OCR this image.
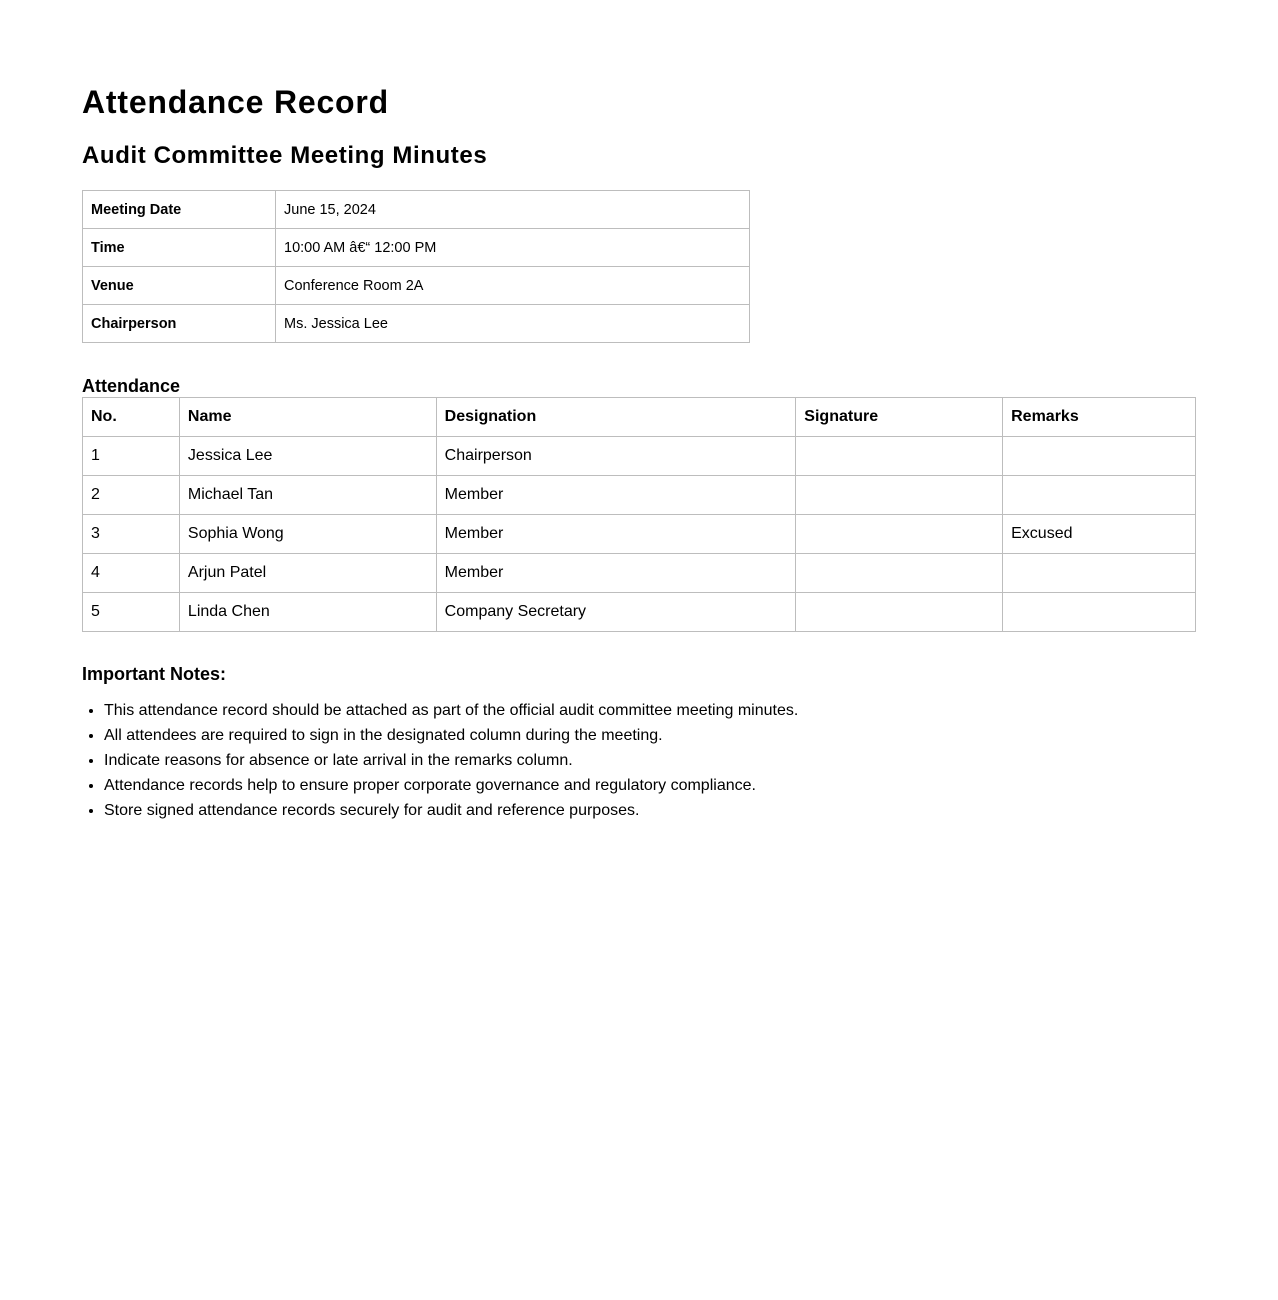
Attendance Record
Audit Committee Meeting Minutes
Meeting Date	June 15, 2024
Time	10:00 AM â€“ 12:00 PM
Venue	Conference Room 2A
Chairperson	Ms. Jessica Lee
Attendance
No.	Name	Designation	Signature	Remarks
1	Jessica Lee	Chairperson		
2	Michael Tan	Member		
3	Sophia Wong	Member		Excused
4	Arjun Patel	Member		
5	Linda Chen	Company Secretary		
Important Notes:
• This attendance record should be attached as part of the official audit committee meeting minutes.
• All attendees are required to sign in the designated column during the meeting.
• Indicate reasons for absence or late arrival in the remarks column.
• Attendance records help to ensure proper corporate governance and regulatory compliance.
• Store signed attendance records securely for audit and reference purposes.
